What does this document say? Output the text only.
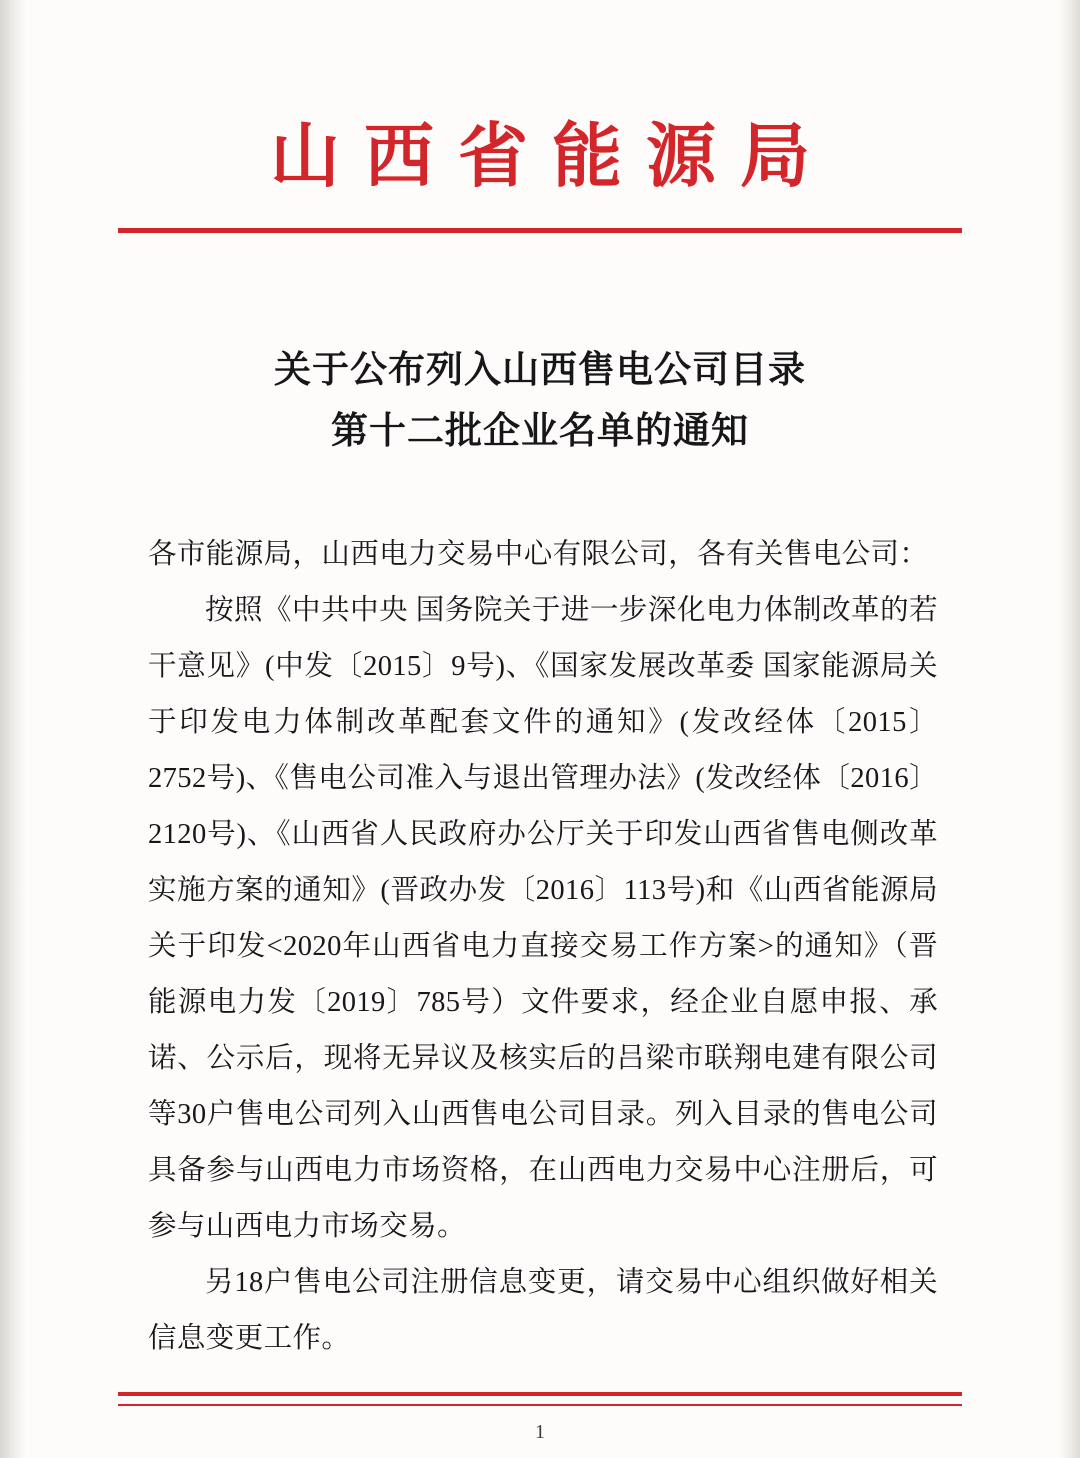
山西省能源局
关于公布列入山西售电公司目录
第十二批企业名单的通知

各市能源局，山西电力交易中心有限公司，各有关售电公司：

按照《中共中央 国务院关于进一步深化电力体制改革的若干意见》(中发〔2015〕9号)、《国家发展改革委 国家能源局关于印发电力体制改革配套文件的通知》(发改经体〔2015〕2752号)、《售电公司准入与退出管理办法》(发改经体〔2016〕2120号)、《山西省人民政府办公厅关于印发山西省售电侧改革实施方案的通知》(晋政办发〔2016〕113号)和《山西省能源局关于印发<2020年山西省电力直接交易工作方案>的通知》（晋能源电力发〔2019〕785号）文件要求，经企业自愿申报、承诺、公示后，现将无异议及核实后的吕梁市联翔电建有限公司等30户售电公司列入山西售电公司目录。列入目录的售电公司具备参与山西电力市场资格，在山西电力交易中心注册后，可参与山西电力市场交易。

另18户售电公司注册信息变更，请交易中心组织做好相关信息变更工作。

1
